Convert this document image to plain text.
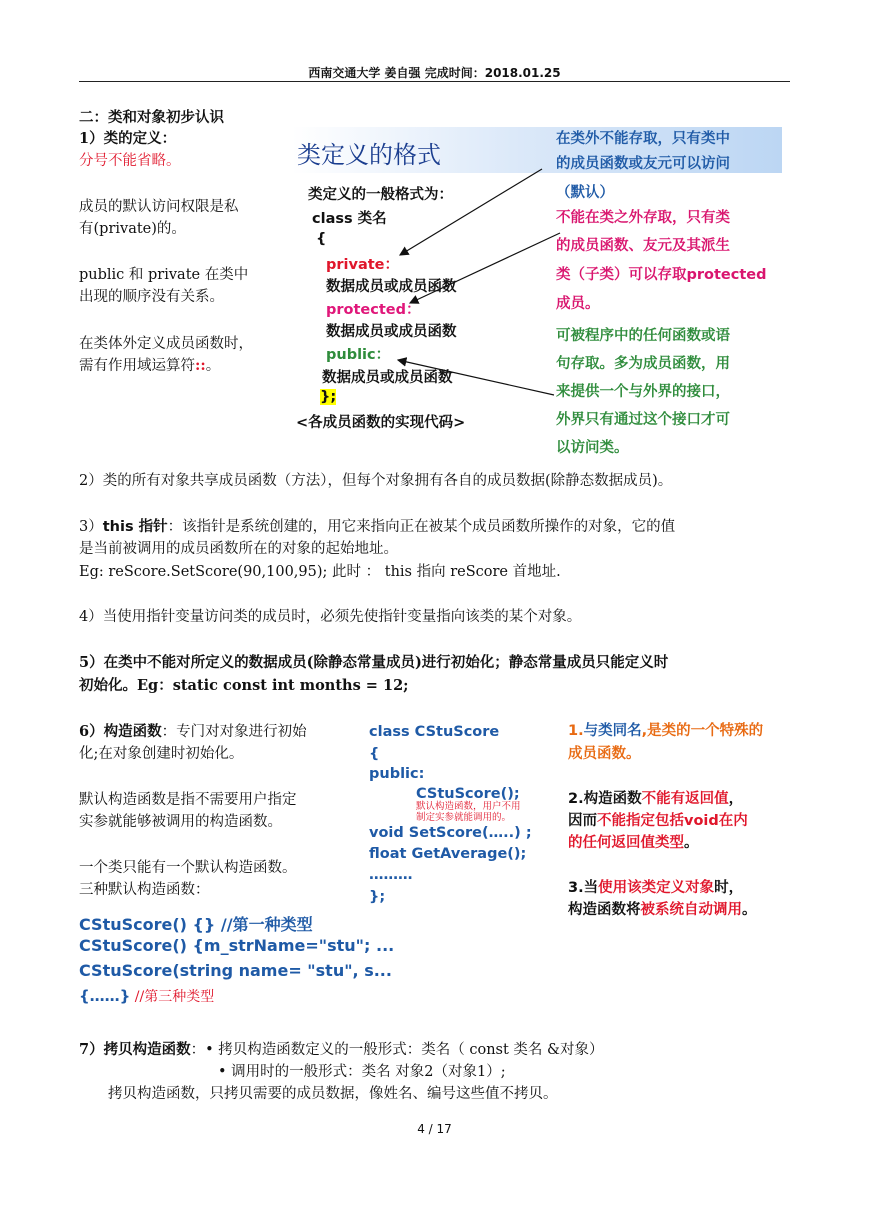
西南交通大学 姜自强 完成时间：2018.01.25
二：类和对象初步认识
1）类的定义：
分号不能省略。
成员的默认访问权限是私
有(private)的。
public 和 private 在类中
出现的顺序没有关系。
在类体外定义成员函数时，
需有作用域运算符::。
类定义的格式
类定义的一般格式为：
class 类名
{
private：
数据成员或成员函数
protected：
数据成员或成员函数
public：
数据成员或成员函数
};
<各成员函数的实现代码>
在类外不能存取，只有类中
的成员函数或友元可以访问
（默认）
不能在类之外存取，只有类
的成员函数、友元及其派生
类（子类）可以存取protected
成员。
可被程序中的任何函数或语
句存取。多为成员函数，用
来提供一个与外界的接口，
外界只有通过这个接口才可
以访问类。
2）类的所有对象共享成员函数（方法），但每个对象拥有各自的成员数据(除静态数据成员)。
3）this 指针：该指针是系统创建的，用它来指向正在被某个成员函数所操作的对象，它的值
是当前被调用的成员函数所在的对象的起始地址。
Eg: reScore.SetScore(90,100,95); 此时 ： this 指向 reScore 首地址.
4）当使用指针变量访问类的成员时，必须先使指针变量指向该类的某个对象。
5）在类中不能对所定义的数据成员(除静态常量成员)进行初始化；静态常量成员只能定义时
初始化。Eg：static const int months = 12;
6）构造函数：专门对对象进行初始
化;在对象创建时初始化。
默认构造函数是指不需要用户指定
实参就能够被调用的构造函数。
一个类只能有一个默认构造函数。
三种默认构造函数：
CStuScore() {} //第一种类型
CStuScore() {m_strName="stu"; ...
CStuScore(string name= "stu", s...
{……} //第三种类型
class CStuScore
{
public:
CStuScore();
默认构造函数，用户不用
制定实参就能调用的。
void SetScore(…..) ;
float GetAverage();
………
};
1.与类同名,是类的一个特殊的
成员函数。
2.构造函数不能有返回值，
因而不能指定包括void在内
的任何返回值类型。
3.当使用该类定义对象时，
构造函数将被系统自动调用。
7）拷贝构造函数：• 拷贝构造函数定义的一般形式：类名（ const 类名 &对象）
• 调用时的一般形式：类名 对象2（对象1）;
拷贝构造函数，只拷贝需要的成员数据，像姓名、编号这些值不拷贝。
4 / 17
